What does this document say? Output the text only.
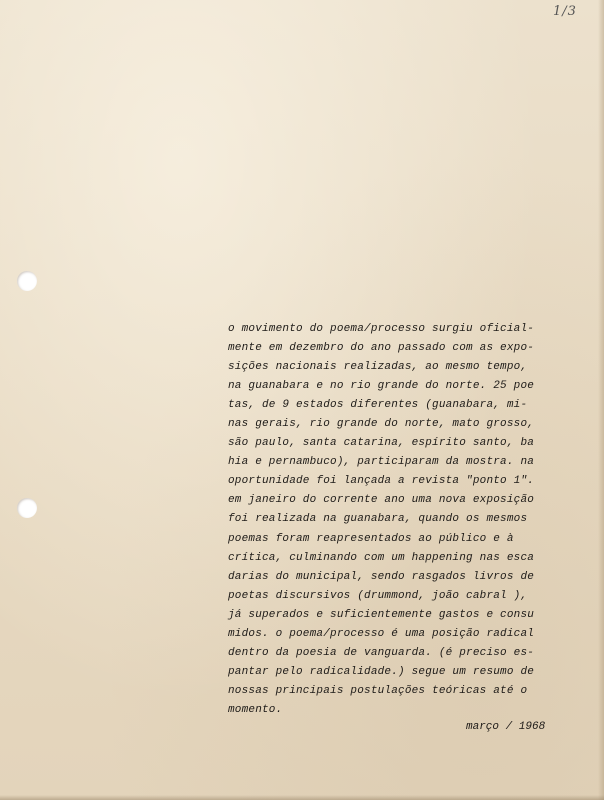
1/3
o movimento do poema/processo surgiu oficial-
mente em dezembro do ano passado com as expo-
sições nacionais realizadas, ao mesmo tempo,
na guanabara e no rio grande do norte. 25 poe
tas, de 9 estados diferentes (guanabara, mi-
nas gerais, rio grande do norte, mato grosso,
são paulo, santa catarina, espírito santo, ba
hia e pernambuco), participaram da mostra. na
oportunidade foi lançada a revista "ponto 1".
em janeiro do corrente ano uma nova exposição
foi realizada na guanabara, quando os mesmos
poemas foram reapresentados ao público e à
crítica, culminando com um happening nas esca
darias do municipal, sendo rasgados livros de
poetas discursivos (drummond, joão cabral ),
já superados e suficientemente gastos e consu
midos. o poema/processo é uma posição radical
dentro da poesia de vanguarda. (é preciso es-
pantar pelo radicalidade.) segue um resumo de
nossas principais postulações teóricas até o
momento.
março / 1968
